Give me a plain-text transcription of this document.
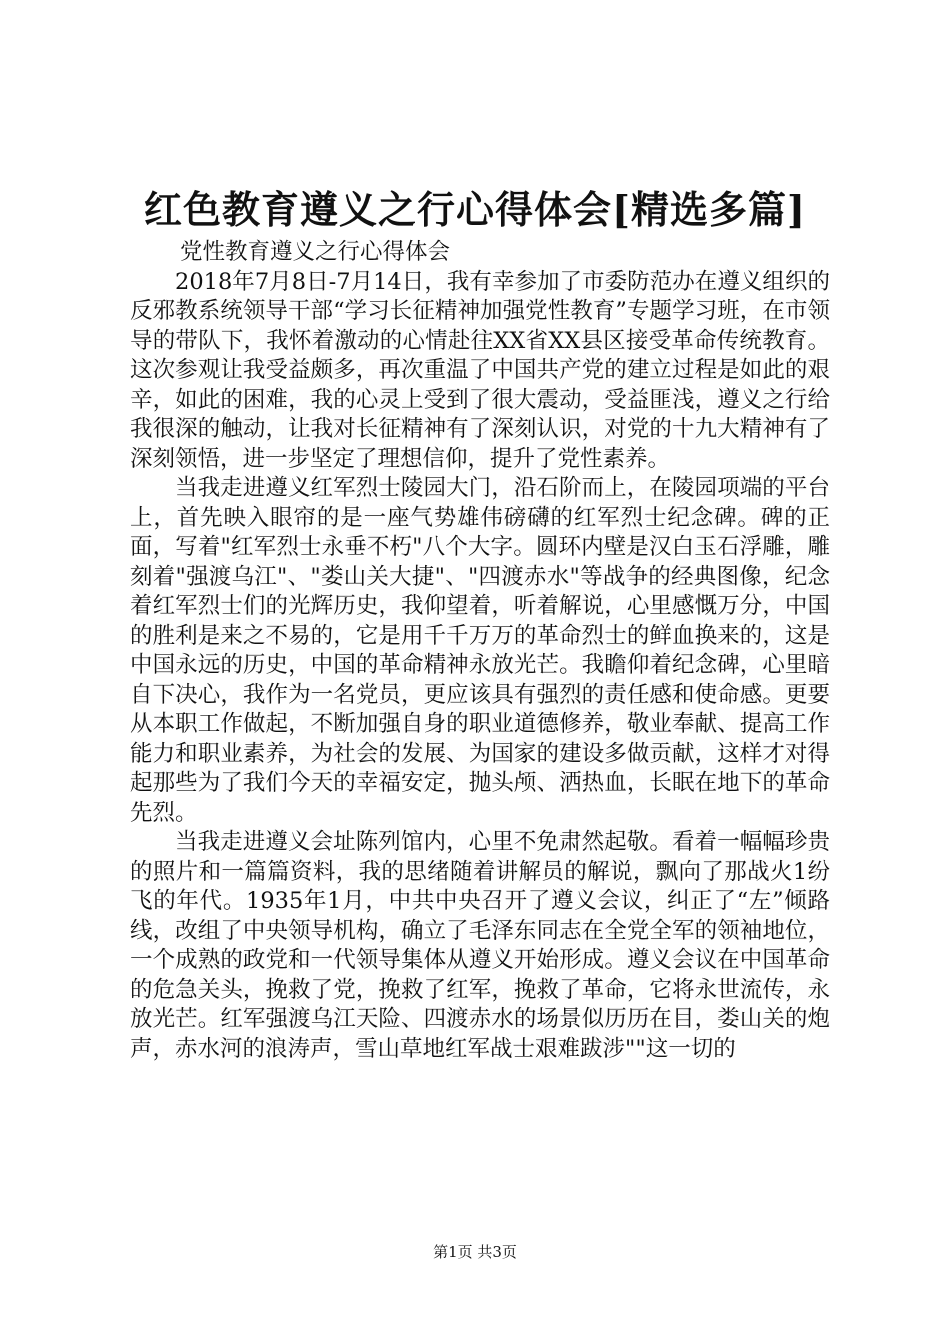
红色教育遵义之行心得体会[精选多篇]

党性教育遵义之行心得体会

2018年7月8日-7月14日，我有幸参加了市委防范办在遵义组织的反邪教系统领导干部“学习长征精神加强党性教育”专题学习班，在市领导的带队下，我怀着激动的心情赴往XX省XX县区接受革命传统教育。这次参观让我受益颇多，再次重温了中国共产党的建立过程是如此的艰辛，如此的困难，我的心灵上受到了很大震动，受益匪浅，遵义之行给我很深的触动，让我对长征精神有了深刻认识，对党的十九大精神有了深刻领悟，进一步坚定了理想信仰，提升了党性素养。

当我走进遵义红军烈士陵园大门，沿石阶而上，在陵园项端的平台上，首先映入眼帘的是一座气势雄伟磅礴的红军烈士纪念碑。碑的正面，写着"红军烈士永垂不朽"八个大字。圆环内壁是汉白玉石浮雕，雕刻着"强渡乌江"、"娄山关大捷"、"四渡赤水"等战争的经典图像，纪念着红军烈士们的光辉历史，我仰望着，听着解说，心里感慨万分，中国的胜利是来之不易的，它是用千千万万的革命烈士的鲜血换来的，这是中国永远的历史，中国的革命精神永放光芒。我瞻仰着纪念碑，心里暗自下决心，我作为一名党员，更应该具有强烈的责任感和使命感。更要从本职工作做起，不断加强自身的职业道德修养，敬业奉献、提高工作能力和职业素养，为社会的发展、为国家的建设多做贡献，这样才对得起那些为了我们今天的幸福安定，抛头颅、洒热血，长眠在地下的革命先烈。

当我走进遵义会址陈列馆内，心里不免肃然起敬。看着一幅幅珍贵的照片和一篇篇资料，我的思绪随着讲解员的解说，飘向了那战火1纷飞的年代。1935年1月，中共中央召开了遵义会议，纠正了“左”倾路线，改组了中央领导机构，确立了毛泽东同志在全党全军的领袖地位，一个成熟的政党和一代领导集体从遵义开始形成。遵义会议在中国革命的危急关头，挽救了党，挽救了红军，挽救了革命，它将永世流传，永放光芒。红军强渡乌江天险、四渡赤水的场景似历历在目，娄山关的炮声，赤水河的浪涛声，雪山草地红军战士艰难跋涉""这一切的

第1页 共3页
